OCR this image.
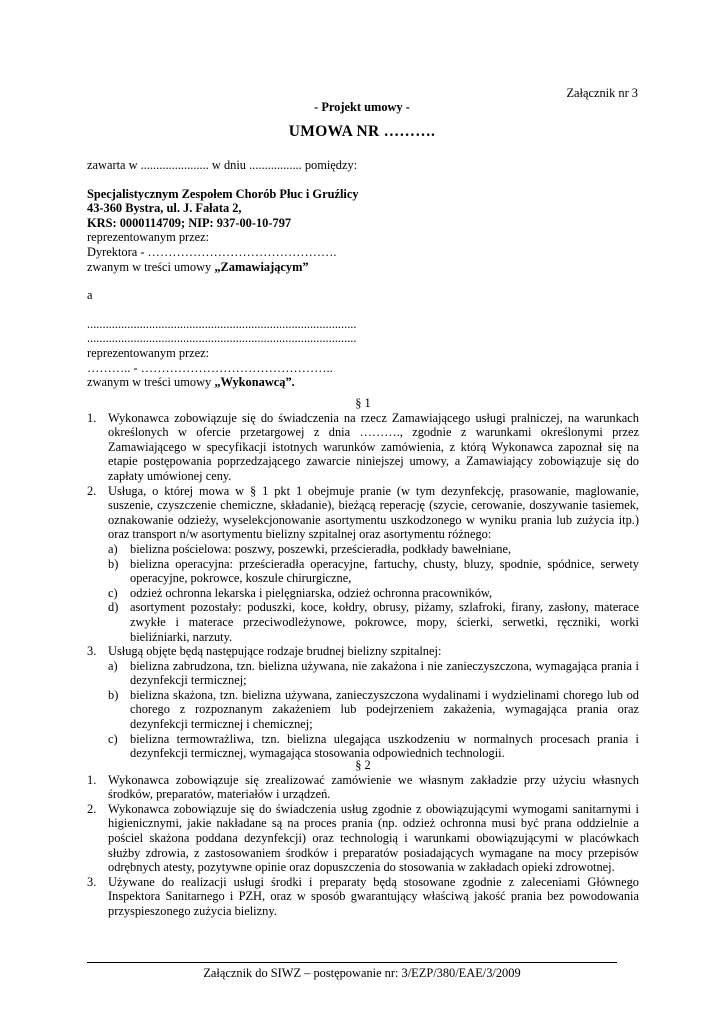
Załącznik nr 3
- Projekt umowy -
UMOWA NR ……….
zawarta w ...................... w dniu ................. pomiędzy:
Specjalistycznym Zespołem Chorób Płuc i Gruźlicy
43-360 Bystra, ul. J. Fałata 2,
KRS: 0000114709; NIP: 937-00-10-797
reprezentowanym przez:
Dyrektora - ……………………………………….
zwanym w treści umowy „Zamawiającym”
a
.......................................................................................
.......................................................................................
reprezentowanym przez:
……….. - ………………………………………..
zwanym w treści umowy „Wykonawcą”.
§ 1
1. Wykonawca zobowiązuje się do świadczenia na rzecz Zamawiającego usługi pralniczej, na warunkach określonych w ofercie przetargowej z dnia ………., zgodnie z warunkami określonymi przez Zamawiającego w specyfikacji istotnych warunków zamówienia, z którą Wykonawca zapoznał się na etapie postępowania poprzedzającego zawarcie niniejszej umowy, a Zamawiający zobowiązuje się do zapłaty umówionej ceny.
2. Usługa, o której mowa w § 1 pkt 1 obejmuje pranie (w tym dezynfekcję, prasowanie, maglowanie, suszenie, czyszczenie chemiczne, składanie), bieżącą reperację (szycie, cerowanie, doszywanie tasiemek, oznakowanie odzieży, wyselekcjonowanie asortymentu uszkodzonego w wyniku prania lub zużycia itp.) oraz transport n/w asortymentu bielizny szpitalnej oraz asortymentu różnego:
a) bielizna pościelowa: poszwy, poszewki, prześcieradła, podkłady bawełniane,
b) bielizna operacyjna: prześcieradła operacyjne, fartuchy, chusty, bluzy, spodnie, spódnice, serwety operacyjne, pokrowce, koszule chirurgiczne,
c) odzież ochronna lekarska i pielęgniarska, odzież ochronna pracowników,
d) asortyment pozostały: poduszki, koce, kołdry, obrusy, piżamy, szlafroki, firany, zasłony, materace zwykłe i materace przeciwodleżynowe, pokrowce, mopy, ścierki, serwetki, ręczniki, worki bieliźniarki, narzuty.
3. Usługą objęte będą następujące rodzaje brudnej bielizny szpitalnej:
a) bielizna zabrudzona, tzn. bielizna używana, nie zakażona i nie zanieczyszczona, wymagająca prania i dezynfekcji termicznej;
b) bielizna skażona, tzn. bielizna używana, zanieczyszczona wydalinami i wydzielinami chorego lub od chorego z rozpoznanym zakażeniem lub podejrzeniem zakażenia, wymagająca prania oraz dezynfekcji termicznej i chemicznej;
c) bielizna termowrażliwa, tzn. bielizna ulegająca uszkodzeniu w normalnych procesach prania i dezynfekcji termicznej, wymagająca stosowania odpowiednich technologii.
§ 2
1. Wykonawca zobowiązuje się zrealizować zamówienie we własnym zakładzie przy użyciu własnych środków, preparatów, materiałów i urządzeń.
2. Wykonawca zobowiązuje się do świadczenia usług zgodnie z obowiązującymi wymogami sanitarnymi i higienicznymi, jakie nakładane są na proces prania (np. odzież ochronna musi być prana oddzielnie a pościel skażona poddana dezynfekcji) oraz technologią i warunkami obowiązującymi w placówkach służby zdrowia, z zastosowaniem środków i preparatów posiadających wymagane na mocy przepisów odrębnych atesty, pozytywne opinie oraz dopuszczenia do stosowania w zakładach opieki zdrowotnej.
3. Używane do realizacji usługi środki i preparaty będą stosowane zgodnie z zaleceniami Głównego Inspektora Sanitarnego i PZH, oraz w sposób gwarantujący właściwą jakość prania bez powodowania przyspieszonego zużycia bielizny.
Załącznik do SIWZ – postępowanie nr: 3/EZP/380/EAE/3/2009
